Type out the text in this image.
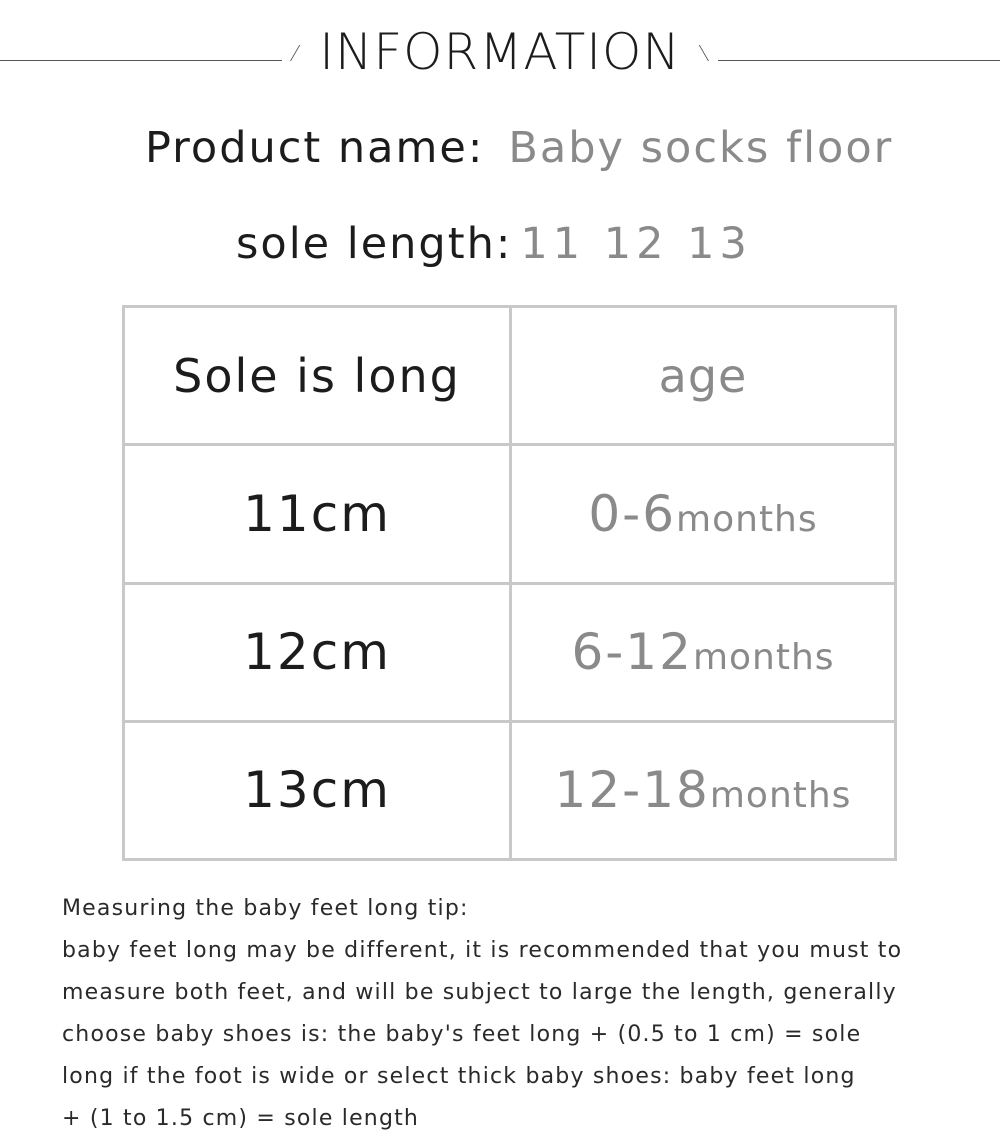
INFORMATION
Product name: Baby socks floor
sole length: 11 12 13
Sole is long	age
11cm	0-6months
12cm	6-12months
13cm	12-18months

Measuring the baby feet long tip:

baby feet long may be different, it is recommended that you must to

measure both feet, and will be subject to large the length, generally

choose baby shoes is: the baby's feet long + (0.5 to 1 cm) = sole

long if the foot is wide or select thick baby shoes: baby feet long

+ (1 to 1.5 cm) = sole length
